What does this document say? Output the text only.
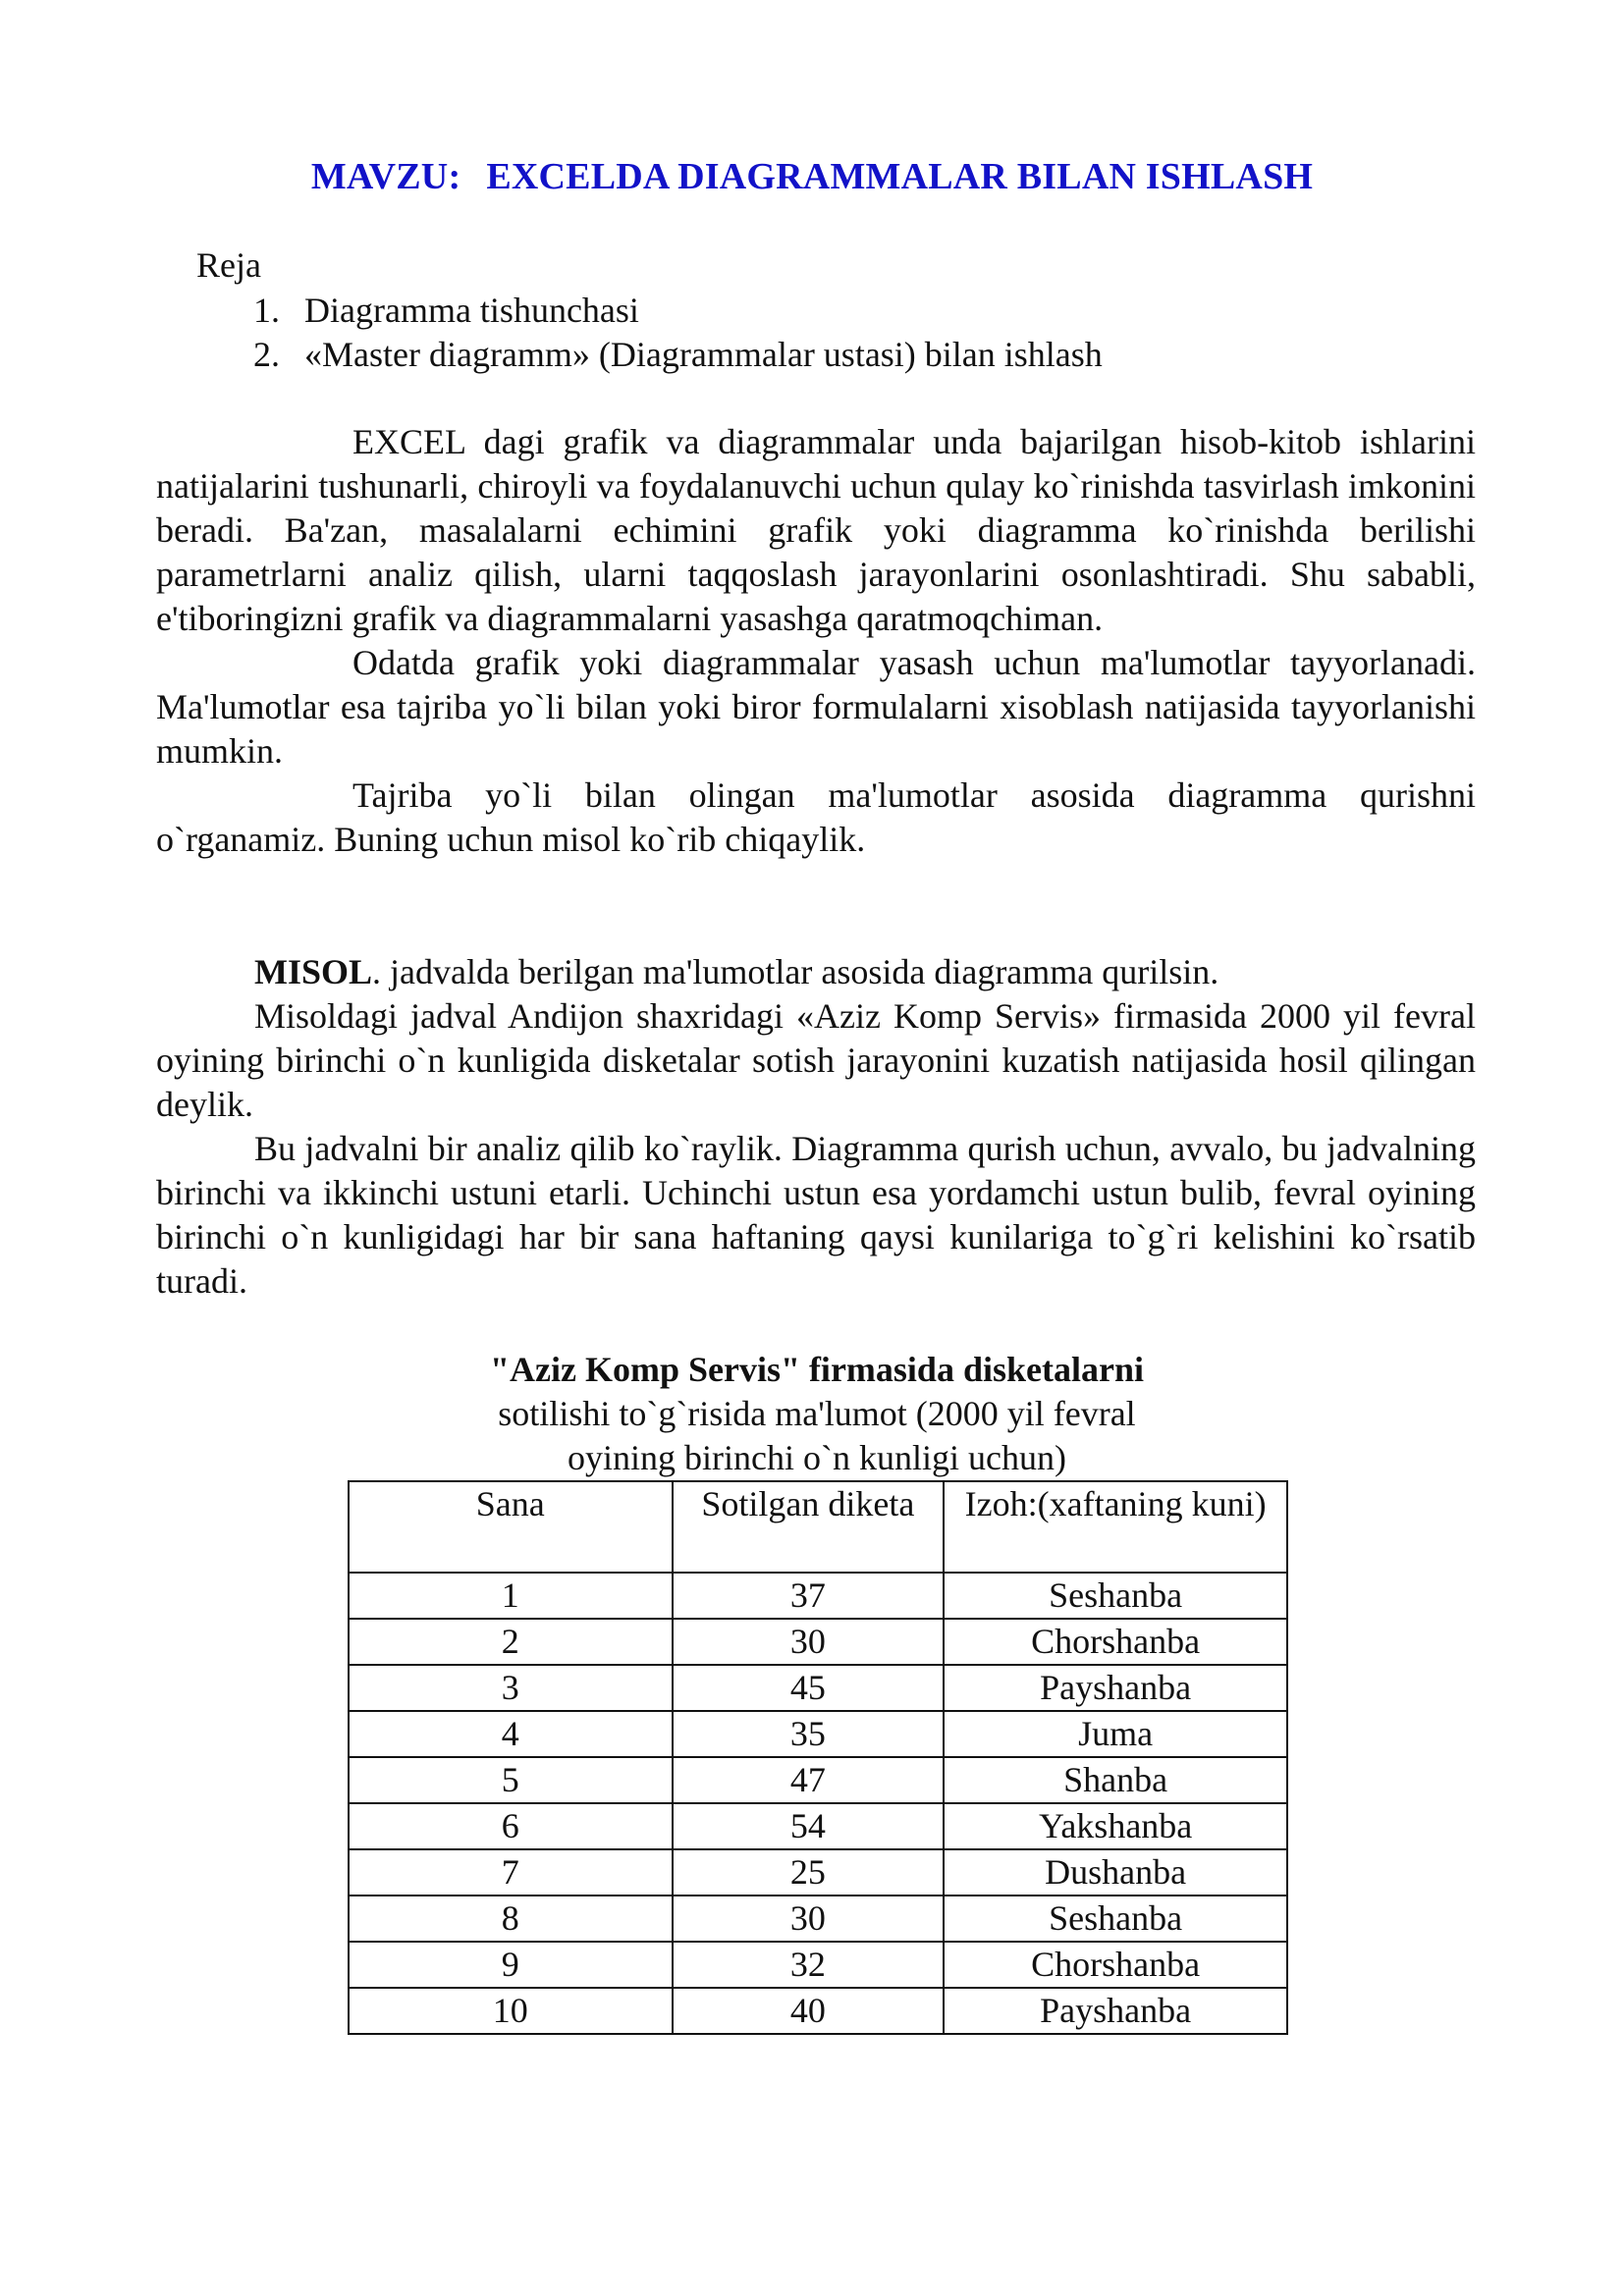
MAVZU: EXCELDA DIAGRAMMALAR BILAN ISHLASH
Reja
1. Diagramma tishunchasi
2. «Master diagramm» (Diagrammalar ustasi) bilan ishlash

EXCEL dagi grafik va diagrammalar unda bajarilgan hisob-kitob ishlarini natijalarini tushunarli, chiroyli va foydalanuvchi uchun qulay ko`rinishda tasvirlash imkonini beradi. Ba'zan, masalalarni echimini grafik yoki diagramma ko`rinishda berilishi parametrlarni analiz qilish, ularni taqqoslash jarayonlarini osonlashtiradi. Shu sababli, e'tiboringizni grafik va diagrammalarni yasashga qaratmoqchiman.

Odatda grafik yoki diagrammalar yasash uchun ma'lumotlar tayyorlanadi. Ma'lumotlar esa tajriba yo`li bilan yoki biror formulalarni xisoblash natijasida tayyorlanishi mumkin.

Tajriba yo`li bilan olingan ma'lumotlar asosida diagramma qurishni o`rganamiz. Buning uchun misol ko`rib chiqaylik.

MISOL. jadvalda berilgan ma'lumotlar asosida diagramma qurilsin.

Misoldagi jadval Andijon shaxridagi «Aziz Komp Servis» firmasida 2000 yil fevral oyining birinchi o`n kunligida disketalar sotish jarayonini kuzatish natijasida hosil qilingan deylik.

Bu jadvalni bir analiz qilib ko`raylik. Diagramma qurish uchun, avvalo, bu jadvalning birinchi va ikkinchi ustuni etarli. Uchinchi ustun esa yordamchi ustun bulib, fevral oyining birinchi o`n kunligidagi har bir sana haftaning qaysi kunilariga to`g`ri kelishini ko`rsatib turadi.

"Aziz Komp Servis" firmasida disketalarni
sotilishi to`g`risida ma'lumot (2000 yil fevral
oyining birinchi o`n kunligi uchun)
Sana	Sotilgan diketa	Izoh:(xaftaning kuni)
1	37	Seshanba
2	30	Chorshanba
3	45	Payshanba
4	35	Juma
5	47	Shanba
6	54	Yakshanba
7	25	Dushanba
8	30	Seshanba
9	32	Chorshanba
10	40	Payshanba
